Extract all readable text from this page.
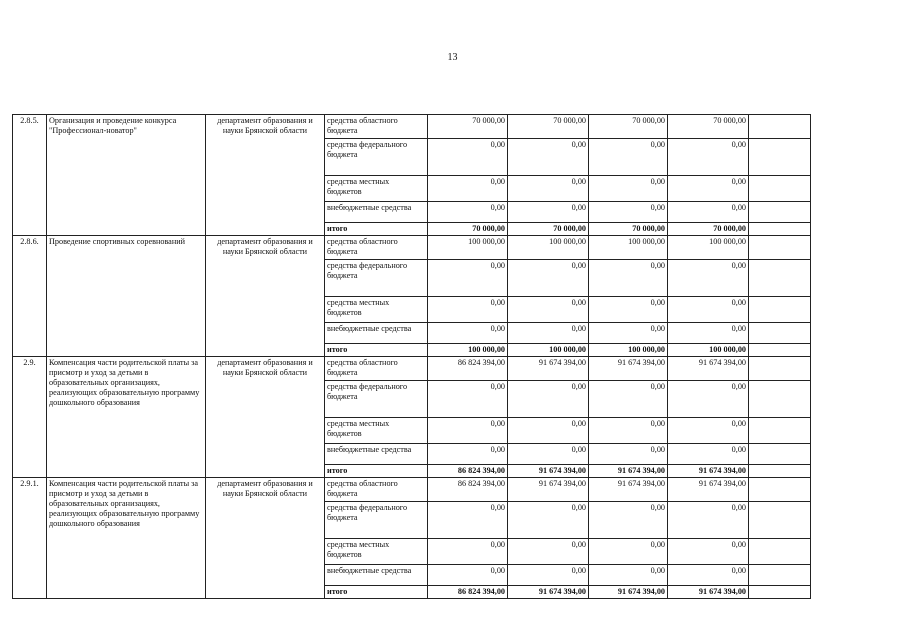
13
2.8.5.	Организация и проведение конкурса "Профессионал-новатор"	департамент образования и науки Брянской области	средства областного бюджета	70 000,00	70 000,00	70 000,00	70 000,00	
			средства федерального бюджета	0,00	0,00	0,00	0,00	
			средства местных бюджетов	0,00	0,00	0,00	0,00	
			внебюджетные средства	0,00	0,00	0,00	0,00	
			итого	70 000,00	70 000,00	70 000,00	70 000,00	
2.8.6.	Проведение спортивных соревнований	департамент образования и науки Брянской области	средства областного бюджета	100 000,00	100 000,00	100 000,00	100 000,00	
			средства федерального бюджета	0,00	0,00	0,00	0,00	
			средства местных бюджетов	0,00	0,00	0,00	0,00	
			внебюджетные средства	0,00	0,00	0,00	0,00	
			итого	100 000,00	100 000,00	100 000,00	100 000,00	
2.9.	Компенсация части родительской платы за присмотр и уход за детьми в образовательных организациях, реализующих образовательную программу дошкольного образования	департамент образования и науки Брянской области	средства областного бюджета	86 824 394,00	91 674 394,00	91 674 394,00	91 674 394,00	
			средства федерального бюджета	0,00	0,00	0,00	0,00	
			средства местных бюджетов	0,00	0,00	0,00	0,00	
			внебюджетные средства	0,00	0,00	0,00	0,00	
			итого	86 824 394,00	91 674 394,00	91 674 394,00	91 674 394,00	
2.9.1.	Компенсация части родительской платы за присмотр и уход за детьми в образовательных организациях, реализующих образовательную программу дошкольного образования	департамент образования и науки Брянской области	средства областного бюджета	86 824 394,00	91 674 394,00	91 674 394,00	91 674 394,00	
			средства федерального бюджета	0,00	0,00	0,00	0,00	
			средства местных бюджетов	0,00	0,00	0,00	0,00	
			внебюджетные средства	0,00	0,00	0,00	0,00	
			итого	86 824 394,00	91 674 394,00	91 674 394,00	91 674 394,00	
